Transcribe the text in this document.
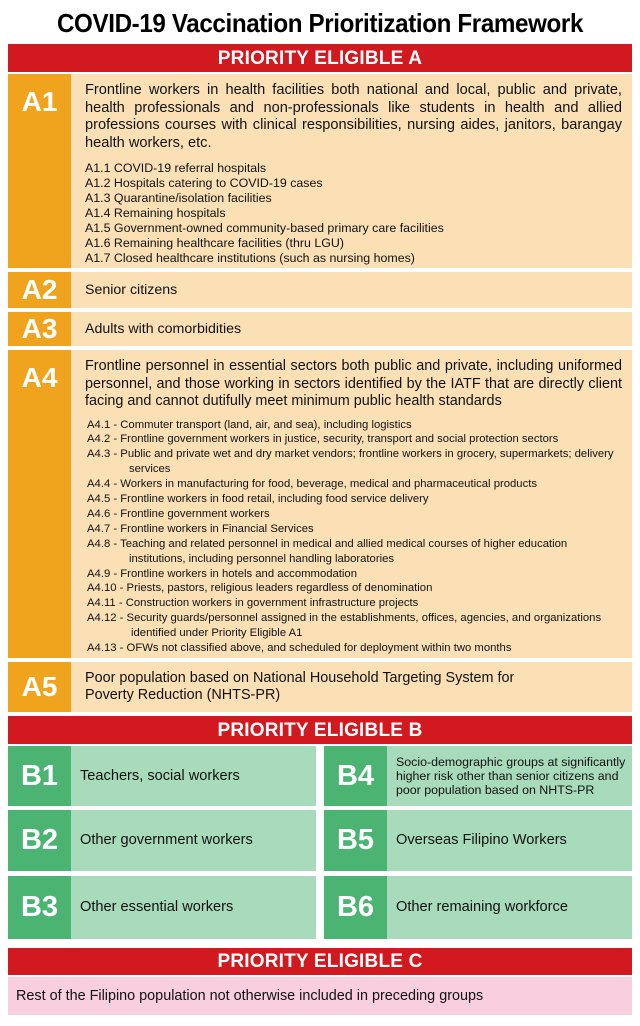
COVID-19 Vaccination Prioritization Framework
PRIORITY ELIGIBLE A
A1	Frontline workers in health facilities both national and local, public and private, health professionals and non-professionals like students in health and allied professions courses with clinical responsibilities, nursing aides, janitors, barangay health workers, etc.
A1.1 COVID-19 referral hospitals
A1.2 Hospitals catering to COVID-19 cases
A1.3 Quarantine/isolation facilities
A1.4 Remaining hospitals
A1.5 Government-owned community-based primary care facilities
A1.6 Remaining healthcare facilities (thru LGU)
A1.7 Closed healthcare institutions (such as nursing homes)
A2	Senior citizens
A3	Adults with comorbidities
A4	Frontline personnel in essential sectors both public and private, including uniformed personnel, and those working in sectors identified by the IATF that are directly client facing and cannot dutifully meet minimum public health standards
A4.1 - Commuter transport (land, air, and sea), including logistics
A4.2 - Frontline government workers in justice, security, transport and social protection sectors
A4.3 - Public and private wet and dry market vendors; frontline workers in grocery, supermarkets; delivery services
A4.4 - Workers in manufacturing for food, beverage, medical and pharmaceutical products
A4.5 - Frontline workers in food retail, including food service delivery
A4.6 - Frontline government workers
A4.7 - Frontline workers in Financial Services
A4.8 - Teaching and related personnel in medical and allied medical courses of higher education institutions, including personnel handling laboratories
A4.9 - Frontline workers in hotels and accommodation
A4.10 - Priests, pastors, religious leaders regardless of denomination
A4.11 - Construction workers in government infrastructure projects
A4.12 - Security guards/personnel assigned in the establishments, offices, agencies, and organizations identified under Priority Eligible A1
A4.13 - OFWs not classified above, and scheduled for deployment within two months
A5	Poor population based on National Household Targeting System for Poverty Reduction (NHTS-PR)
PRIORITY ELIGIBLE B
B1	Teachers, social workers
B2	Other government workers
B3	Other essential workers
B4	Socio-demographic groups at significantly higher risk other than senior citizens and poor population based on NHTS-PR
B5	Overseas Filipino Workers
B6	Other remaining workforce
PRIORITY ELIGIBLE C
Rest of the Filipino population not otherwise included in preceding groups
